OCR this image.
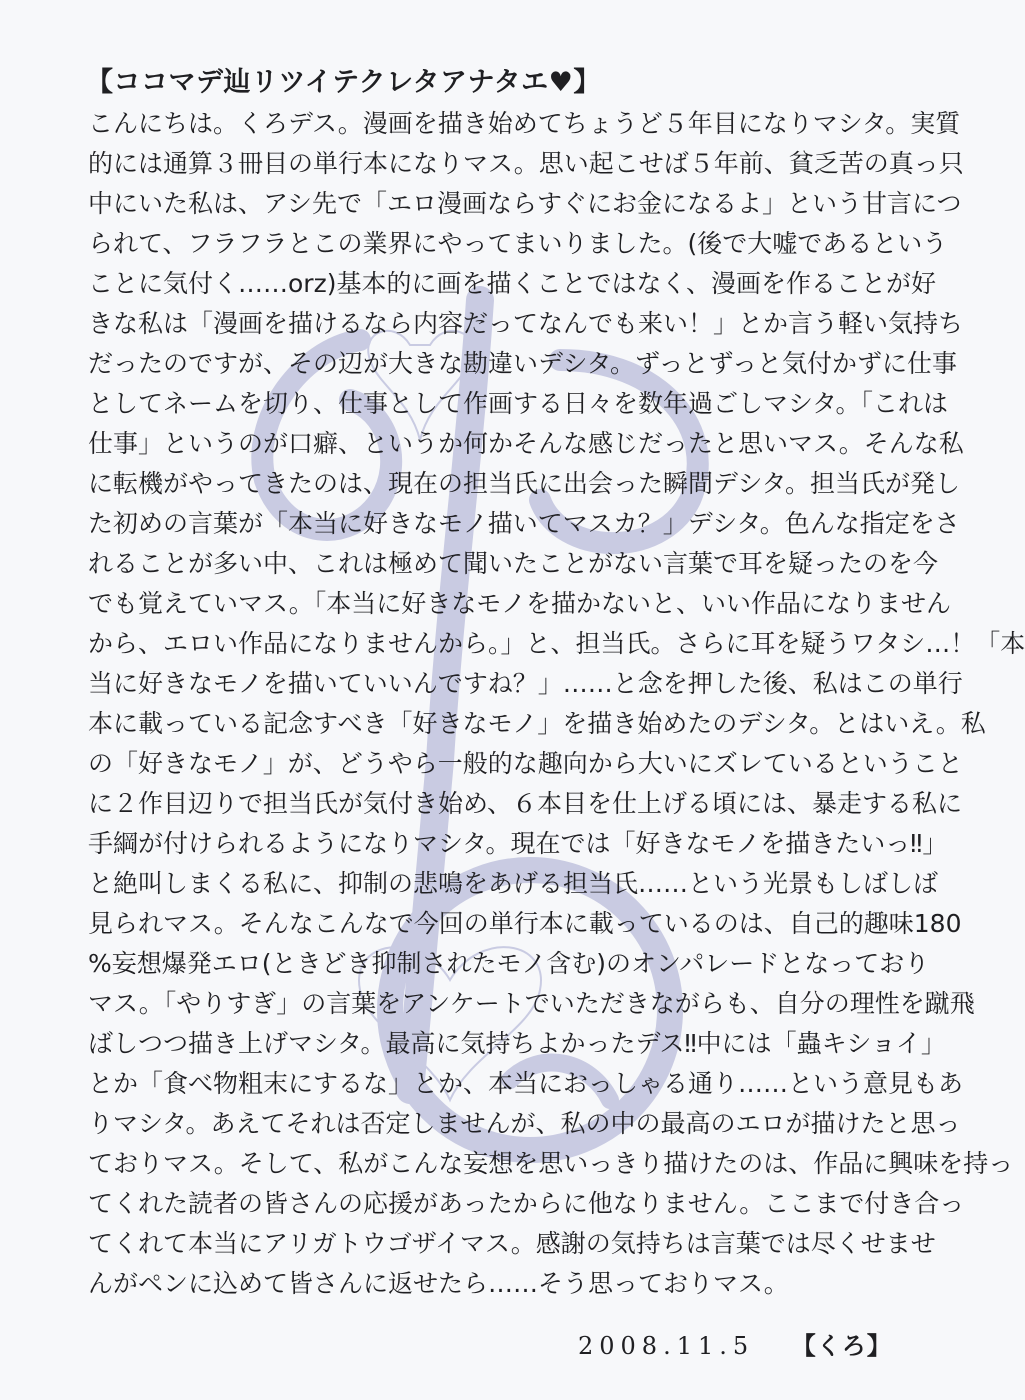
【ココマデ辿リツイテクレタアナタエ♥】
こんにちは。くろデス。漫画を描き始めてちょうど５年目になりマシタ。実質
的には通算３冊目の単行本になりマス。思い起こせば５年前、貧乏苦の真っ只
中にいた私は、アシ先で「エロ漫画ならすぐにお金になるよ」という甘言につ
られて、フラフラとこの業界にやってまいりました。(後で大嘘であるという
ことに気付く……orz)基本的に画を描くことではなく、漫画を作ることが好
きな私は「漫画を描けるなら内容だってなんでも来い！」とか言う軽い気持ち
だったのですが、その辺が大きな勘違いデシタ。ずっとずっと気付かずに仕事
としてネームを切り、仕事として作画する日々を数年過ごしマシタ。「これは
仕事」というのが口癖、というか何かそんな感じだったと思いマス。そんな私
に転機がやってきたのは、現在の担当氏に出会った瞬間デシタ。担当氏が発し
た初めの言葉が「本当に好きなモノ描いてマスカ？」デシタ。色んな指定をさ
れることが多い中、これは極めて聞いたことがない言葉で耳を疑ったのを今
でも覚えていマス。「本当に好きなモノを描かないと、いい作品になりません
から、エロい作品になりませんから。」と、担当氏。さらに耳を疑うワタシ…！「本
当に好きなモノを描いていいんですね？」……と念を押した後、私はこの単行
本に載っている記念すべき「好きなモノ」を描き始めたのデシタ。とはいえ。私
の「好きなモノ」が、どうやら一般的な趣向から大いにズレているということ
に２作目辺りで担当氏が気付き始め、６本目を仕上げる頃には、暴走する私に
手綱が付けられるようになりマシタ。現在では「好きなモノを描きたいっ‼」
と絶叫しまくる私に、抑制の悲鳴をあげる担当氏……という光景もしばしば
見られマス。そんなこんなで今回の単行本に載っているのは、自己的趣味180
%妄想爆発エロ(ときどき抑制されたモノ含む)のオンパレードとなっており
マス。「やりすぎ」の言葉をアンケートでいただきながらも、自分の理性を蹴飛
ばしつつ描き上げマシタ。最高に気持ちよかったデス‼中には「蟲キショイ」
とか「食べ物粗末にするな」とか、本当におっしゃる通り……という意見もあ
りマシタ。あえてそれは否定しませんが、私の中の最高のエロが描けたと思っ
ておりマス。そして、私がこんな妄想を思いっきり描けたのは、作品に興味を持っ
てくれた読者の皆さんの応援があったからに他なりません。ここまで付き合っ
てくれて本当にアリガトウゴザイマス。感謝の気持ちは言葉では尽くせませ
んがペンに込めて皆さんに返せたら……そう思っておりマス。
2008.11.5 【くろ】
